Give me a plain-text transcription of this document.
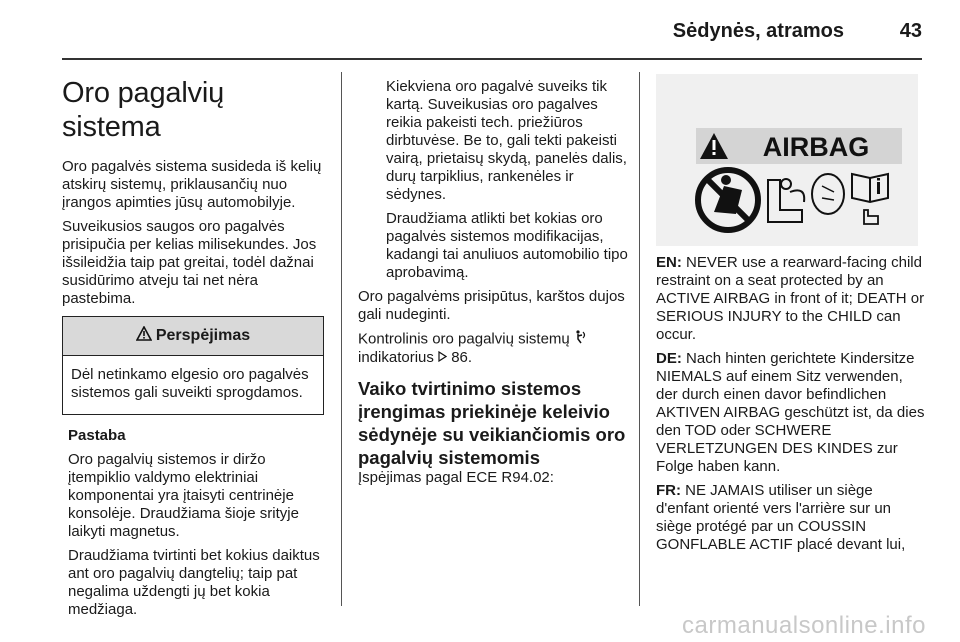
Sėdynės, atramos	43
Oro pagalvių sistema

Oro pagalvės sistema susideda iš kelių atskirų sistemų, priklausančių nuo įrangos apimties jūsų automobilyje.

Suveikusios saugos oro pagalvės prisipučia per kelias milisekundes. Jos išsileidžia taip pat greitai, todėl dažnai susidūrimo atveju tai net nėra pastebima.

Perspėjimas
Dėl netinkamo elgesio oro pagalvės sistemos gali suveikti sprogdamos.

Pastaba

Oro pagalvių sistemos ir diržo įtempiklio valdymo elektriniai komponentai yra įtaisyti centrinėje konsolėje. Draudžiama šioje srityje laikyti magnetus.

Draudžiama tvirtinti bet kokius daiktus ant oro pagalvių dangtelių; taip pat negalima uždengti jų bet kokia medžiaga.

Kiekviena oro pagalvė suveiks tik kartą. Suveikusias oro pagalves reikia pakeisti tech. priežiūros dirbtuvėse. Be to, gali tekti pakeisti vairą, prietaisų skydą, panelės dalis, durų tarpiklius, rankenėles ir sėdynes.

Draudžiama atlikti bet kokias oro pagalvės sistemos modifikacijas, kadangi tai anuliuos automobilio tipo aprobavimą.

Oro pagalvėms prisipūtus, karštos dujos gali nudeginti.

Kontrolinis oro pagalvių sistemų  indikatorius 86.

Vaiko tvirtinimo sistemos įrengimas priekinėje keleivio sėdynėje su veikiančiomis oro pagalvių sistemomis

Įspėjimas pagal ECE R94.02:

AIRBAG

EN: NEVER use a rearward-facing child restraint on a seat protected by an ACTIVE AIRBAG in front of it; DEATH or SERIOUS INJURY to the CHILD can occur.

DE: Nach hinten gerichtete Kindersitze NIEMALS auf einem Sitz verwenden, der durch einen davor befindlichen AKTIVEN AIRBAG geschützt ist, da dies den TOD oder SCHWERE VERLETZUNGEN DES KINDES zur Folge haben kann.

FR: NE JAMAIS utiliser un siège d'enfant orienté vers l'arrière sur un siège protégé par un COUSSIN GONFLABLE ACTIF placé devant lui,

carmanualsonline.info
